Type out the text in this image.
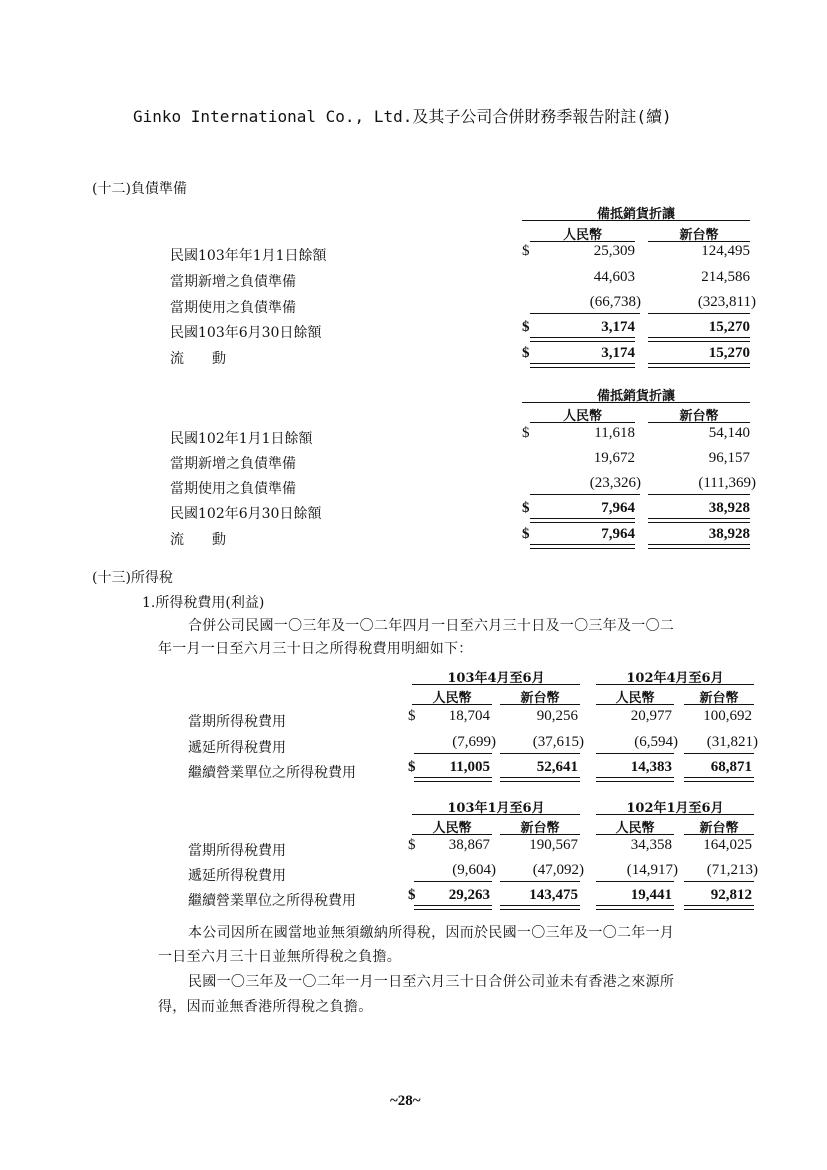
Ginko International Co., Ltd.及其子公司合併財務季報告附註(續)
(十二)負債準備
備抵銷貨折讓
人民幣	新台幣
民國103年年1月1日餘額	$	25,309	124,495
當期新增之負債準備	44,603	214,586
當期使用之負債準備	(66,738)	(323,811)
民國103年6月30日餘額	$	3,174	15,270
流　　動	$	3,174	15,270
備抵銷貨折讓
人民幣	新台幣
民國102年1月1日餘額	$	11,618	54,140
當期新增之負債準備	19,672	96,157
當期使用之負債準備	(23,326)	(111,369)
民國102年6月30日餘額	$	7,964	38,928
流　　動	$	7,964	38,928
(十三)所得稅
1.所得稅費用(利益)
合併公司民國一〇三年及一〇二年四月一日至六月三十日及一〇三年及一〇二
年一月一日至六月三十日之所得稅費用明細如下：
103年4月至6月	102年4月至6月
人民幣	新台幣	人民幣	新台幣
當期所得稅費用	$	18,704	90,256	20,977	100,692
遞延所得稅費用	(7,699)	(37,615)	(6,594)	(31,821)
繼續營業單位之所得稅費用	$	11,005	52,641	14,383	68,871
103年1月至6月	102年1月至6月
人民幣	新台幣	人民幣	新台幣
當期所得稅費用	$	38,867	190,567	34,358	164,025
遞延所得稅費用	(9,604)	(47,092)	(14,917)	(71,213)
繼續營業單位之所得稅費用	$	29,263	143,475	19,441	92,812
本公司因所在國當地並無須繳納所得稅，因而於民國一〇三年及一〇二年一月
一日至六月三十日並無所得稅之負擔。
民國一〇三年及一〇二年一月一日至六月三十日合併公司並未有香港之來源所
得，因而並無香港所得稅之負擔。
~28~
